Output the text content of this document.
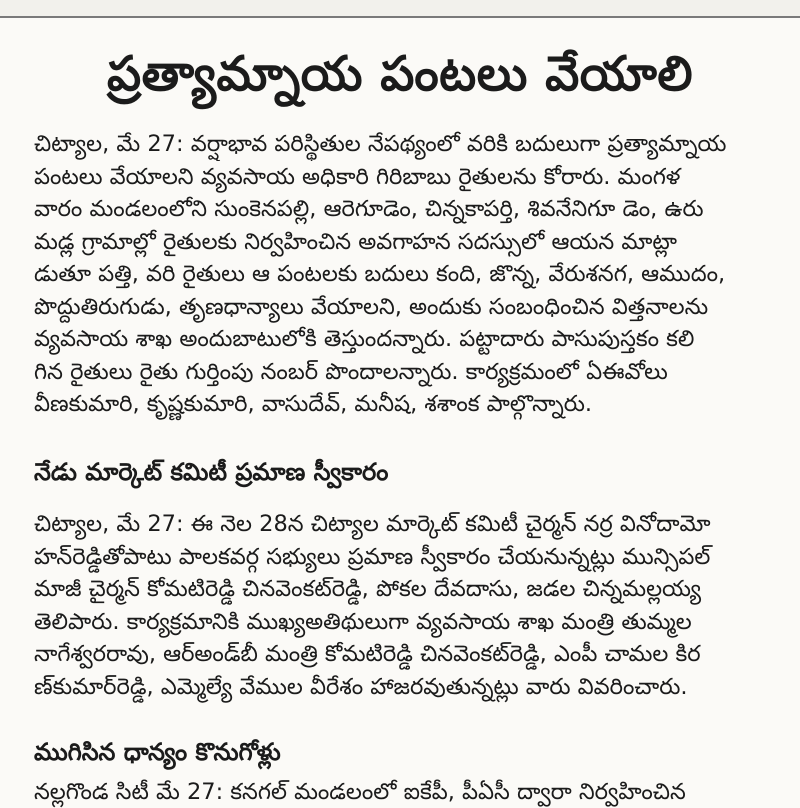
ప్రత్యామ్నాయ పంటలు వేయాలి
చిట్యాల, మే 27: వర్షాభావ పరిస్థితుల నేపథ్యంలో వరికి బదులుగా ప్రత్యామ్నాయ
పంటలు వేయాలని వ్యవసాయ అధికారి గిరిబాబు రైతులను కోరారు. మంగళ
వారం మండలంలోని సుంకెనపల్లి, ఆరెగూడెం, చిన్నకాపర్తి, శివనేనిగూ డెం, ఉరు
మడ్ల గ్రామాల్లో రైతులకు నిర్వహించిన అవగాహన సదస్సులో ఆయన మాట్లా
డుతూ పత్తి, వరి రైతులు ఆ పంటలకు బదులు కంది, జొన్న, వేరుశనగ, ఆముదం,
పొద్దుతిరుగుడు, తృణధాన్యాలు వేయాలని, అందుకు సంబంధించిన విత్తనాలను
వ్యవసాయ శాఖ అందుబాటులోకి తెస్తుందన్నారు. పట్టాదారు పాసుపుస్తకం కలి
గిన రైతులు రైతు గుర్తింపు నంబర్ పొందాలన్నారు. కార్యక్రమంలో ఏఈవోలు
వీణకుమారి, కృష్ణకుమారి, వాసుదేవ్, మనీష, శశాంక పాల్గొన్నారు.
నేడు మార్కెట్ కమిటీ ప్రమాణ స్వీకారం
చిట్యాల, మే 27: ఈ నెల 28న చిట్యాల మార్కెట్ కమిటీ చైర్మన్ నర్ర వినోదామో
హన్‌రెడ్డితోపాటు పాలకవర్గ సభ్యులు ప్రమాణ స్వీకారం చేయనున్నట్లు మున్సిపల్
మాజీ చైర్మన్ కోమటిరెడ్డి చినవెంకట్‌రెడ్డి, పోకల దేవదాసు, జడల చిన్నమల్లయ్య
తెలిపారు. కార్యక్రమానికి ముఖ్యఅతిథులుగా వ్యవసాయ శాఖ మంత్రి తుమ్మల
నాగేశ్వరరావు, ఆర్‌అండ్‌బీ మంత్రి కోమటిరెడ్డి చినవెంకట్‌రెడ్డి, ఎంపీ చామల కిర
ణ్‌కుమార్‌రెడ్డి, ఎమ్మెల్యే వేముల వీరేశం హాజరవుతున్నట్లు వారు వివరించారు.
ముగిసిన ధాన్యం కొనుగోళ్లు
నల్లగొండ సిటీ మే 27: కనగల్ మండలంలో ఐకేపీ, పీఏసీ ద్వారా నిర్వహించిన
